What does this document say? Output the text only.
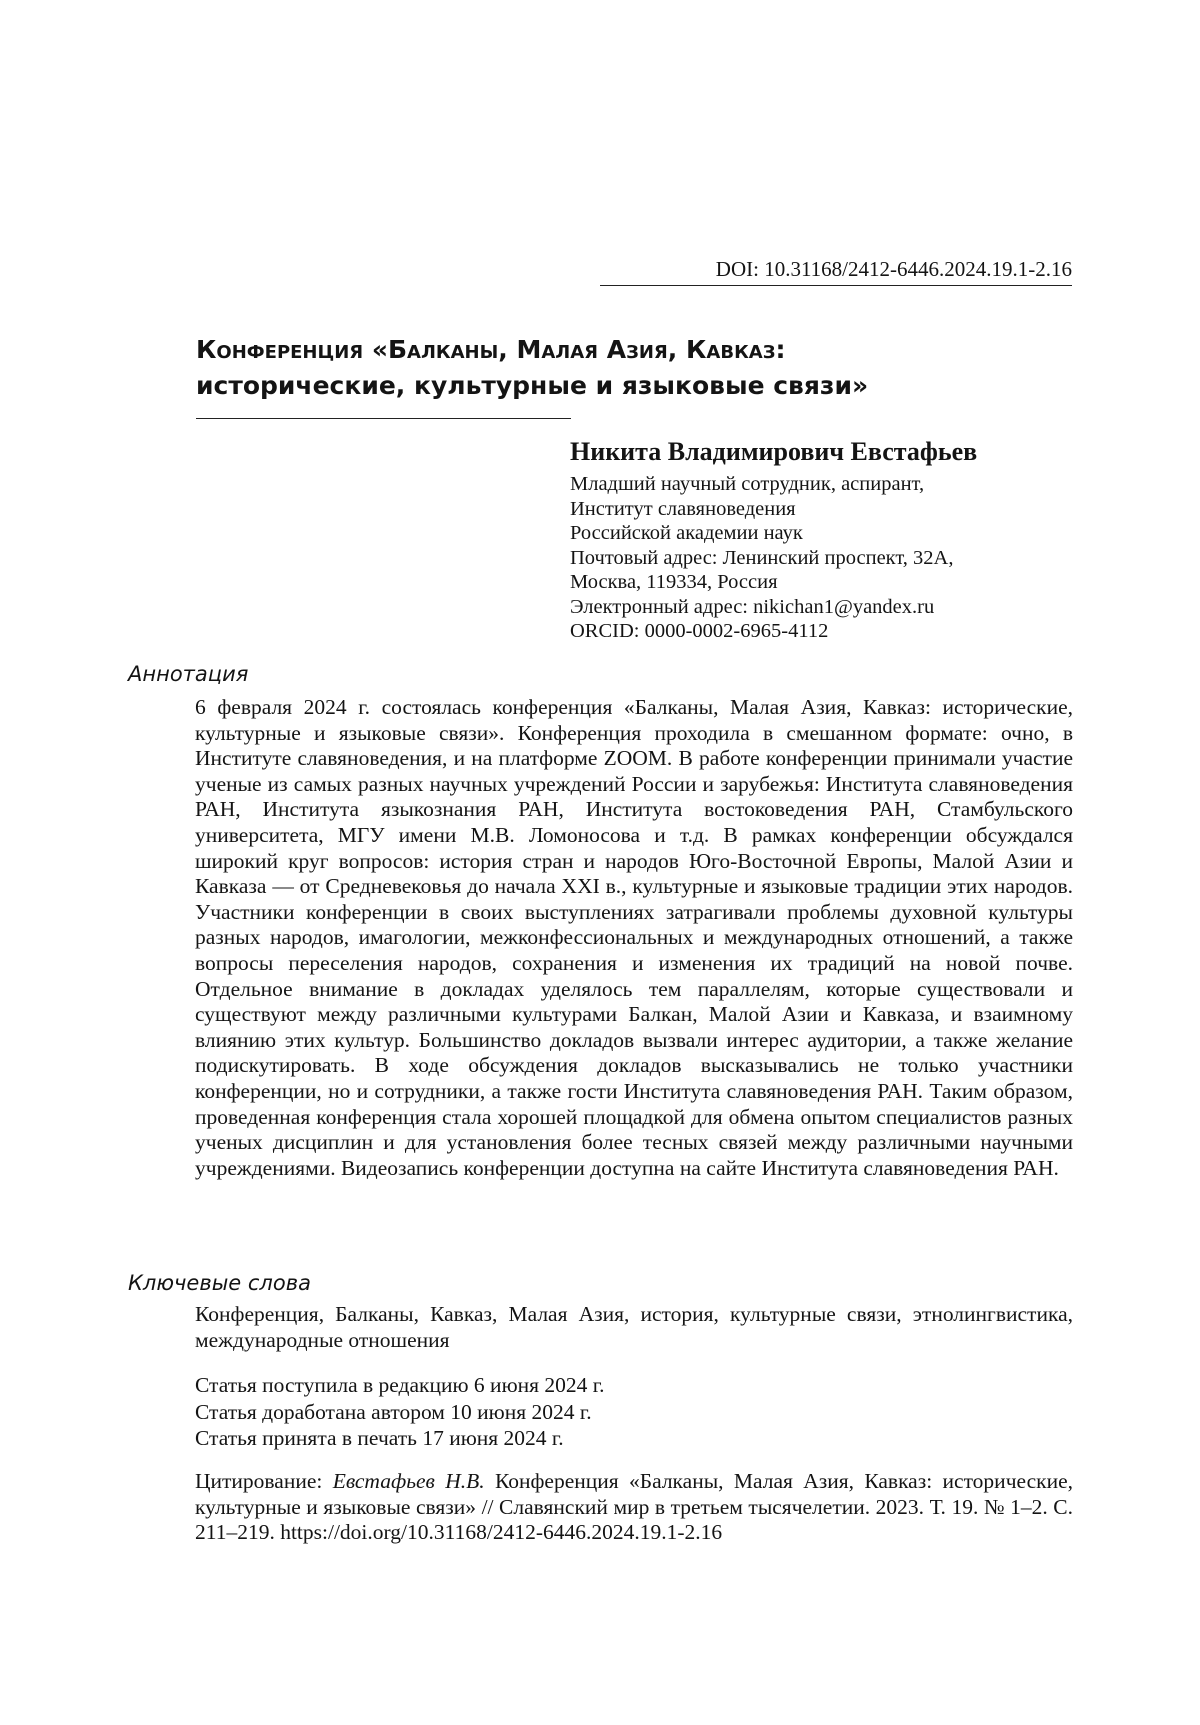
DOI: 10.31168/2412-6446.2024.19.1-2.16
Конференция «Балканы, Малая Азия, Кавказ:
исторические, культурные и языковые связи»
Никита Владимирович Евстафьев
Младший научный сотрудник, аспирант,
Институт славяноведения
Российской академии наук
Почтовый адрес: Ленинский проспект, 32А,
Москва, 119334, Россия
Электронный адрес: nikichan1@yandex.ru
ORCID: 0000-0002-6965-4112
Аннотация

6 февраля 2024 г. состоялась конференция «Балканы, Малая Азия, Кавказ: исторические, культурные и языковые связи». Конференция проходила в смешанном формате: очно, в Институте славяноведения, и на платформе ZOOM. В работе конференции принимали участие ученые из самых разных научных учреждений России и зарубежья: Института славяноведения РАН, Института языкознания РАН, Института востоковедения РАН, Стамбульского университета, МГУ имени М.В. Ломоносова и т.д. В рамках конференции обсуждался широкий круг вопросов: история стран и народов Юго-Восточной Европы, Малой Азии и Кавказа — от Средневековья до начала XXI в., культурные и языковые традиции этих народов. Участники конференции в своих выступлениях затрагивали проблемы духовной культуры разных народов, имагологии, межконфессиональных и международных отношений, а также вопросы переселения народов, сохранения и изменения их традиций на новой почве. Отдельное внимание в докладах уделялось тем параллелям, которые существовали и существуют между различными культурами Балкан, Малой Азии и Кавказа, и взаимному влиянию этих культур. Большинство докладов вызвали интерес аудитории, а также желание подискутировать. В ходе обсуждения докладов высказывались не только участники конференции, но и сотрудники, а также гости Института славяноведения РАН. Таким образом, проведенная конференция стала хорошей площадкой для обмена опытом специалистов разных ученых дисциплин и для установления более тесных связей между различными научными учреждениями. Видеозапись конференции доступна на сайте Института славяноведения РАН.

Ключевые слова
Конференция, Балканы, Кавказ, Малая Азия, история, культурные связи, этнолингвистика, международные отношения
Статья поступила в редакцию 6 июня 2024 г.
Статья доработана автором 10 июня 2024 г.
Статья принята в печать 17 июня 2024 г.
Цитирование: Евстафьев Н.В. Конференция «Балканы, Малая Азия, Кавказ: исторические, культурные и языковые связи» // Славянский мир в третьем тысячелетии. 2023. Т. 19. № 1–2. С. 211–219. https://doi.org/10.31168/2412-6446.2024.19.1-2.16
